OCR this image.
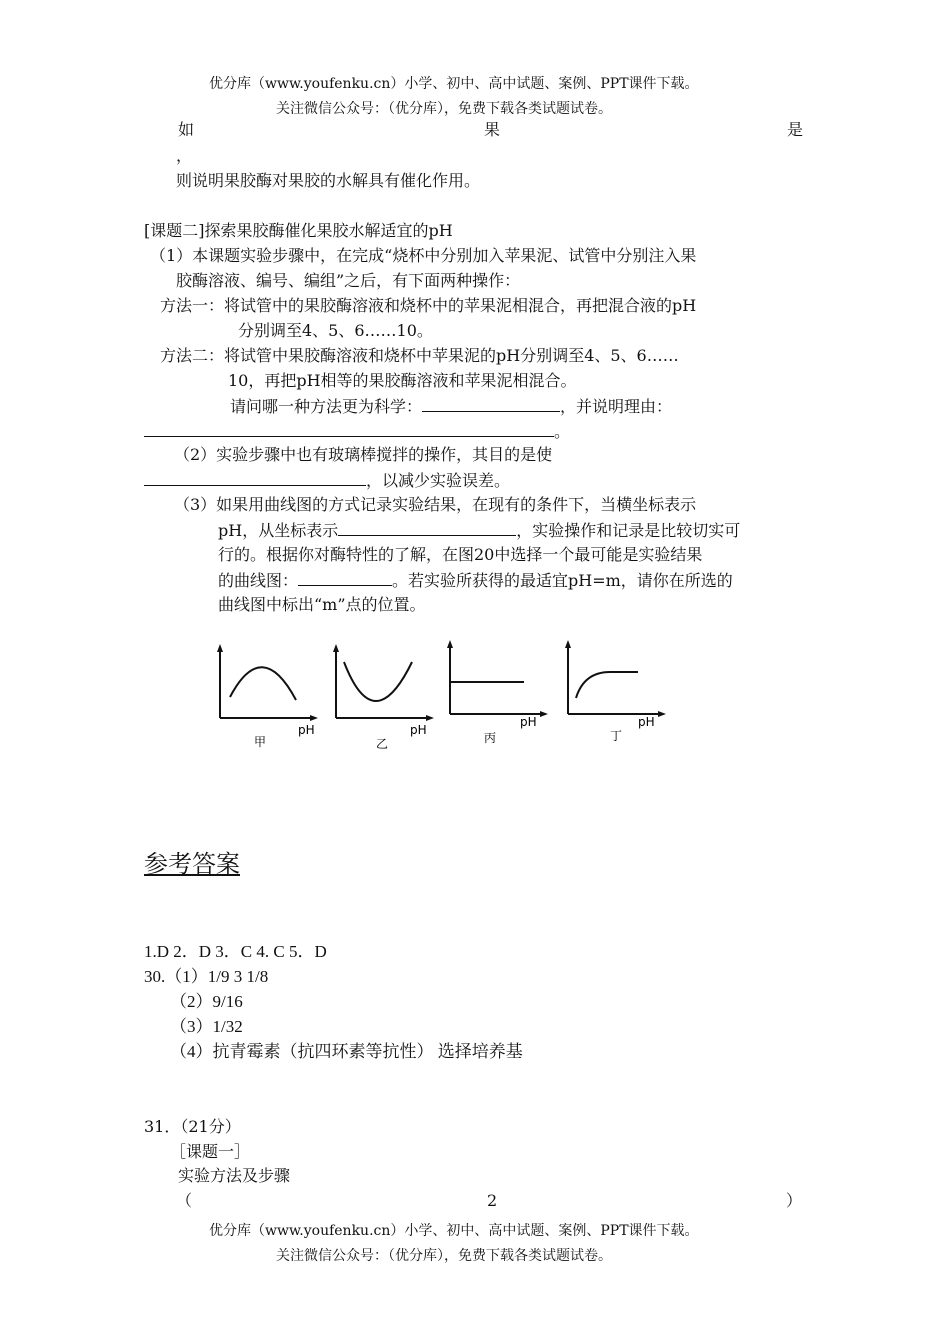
优分库（www.youfenku.cn）小学、初中、高中试题、案例、PPT课件下载。
关注微信公众号：（优分库），免费下载各类试题试卷。
如	果	是
，
则说明果胶酶对果胶的水解具有催化作用。
[课题二]探索果胶酶催化果胶水解适宜的pH
（1）本课题实验步骤中，在完成“烧杯中分别加入苹果泥、试管中分别注入果
胶酶溶液、编号、编组”之后，有下面两种操作：
方法一：将试管中的果胶酶溶液和烧杯中的苹果泥相混合，再把混合液的pH
分别调至4、5、6……10。
方法二：将试管中果胶酶溶液和烧杯中苹果泥的pH分别调至4、5、6……
10，再把pH相等的果胶酶溶液和苹果泥相混合。
请问哪一种方法更为科学：	，并说明理由：
。
（2）实验步骤中也有玻璃棒搅拌的操作，其目的是使
，以减少实验误差。
（3）如果用曲线图的方式记录实验结果，在现有的条件下，当横坐标表示
pH，从坐标表示	，实验操作和记录是比较切实可
行的。根据你对酶特性的了解，在图20中选择一个最可能是实验结果
的曲线图：	。若实验所获得的最适宜pH=m，请你在所选的
曲线图中标出“m”点的位置。
pH
甲
pH
乙
pH
丙
pH
丁
参考答案
1.D 2．D 3．C 4. C 5．D
30.（1）1/9 3 1/8
（2）9/16
（3）1/32
（4）抗青霉素（抗四环素等抗性） 选择培养基
31．（21分）
［课题一］
实验方法及步骤
（	2	）
优分库（www.youfenku.cn）小学、初中、高中试题、案例、PPT课件下载。
关注微信公众号：（优分库），免费下载各类试题试卷。
